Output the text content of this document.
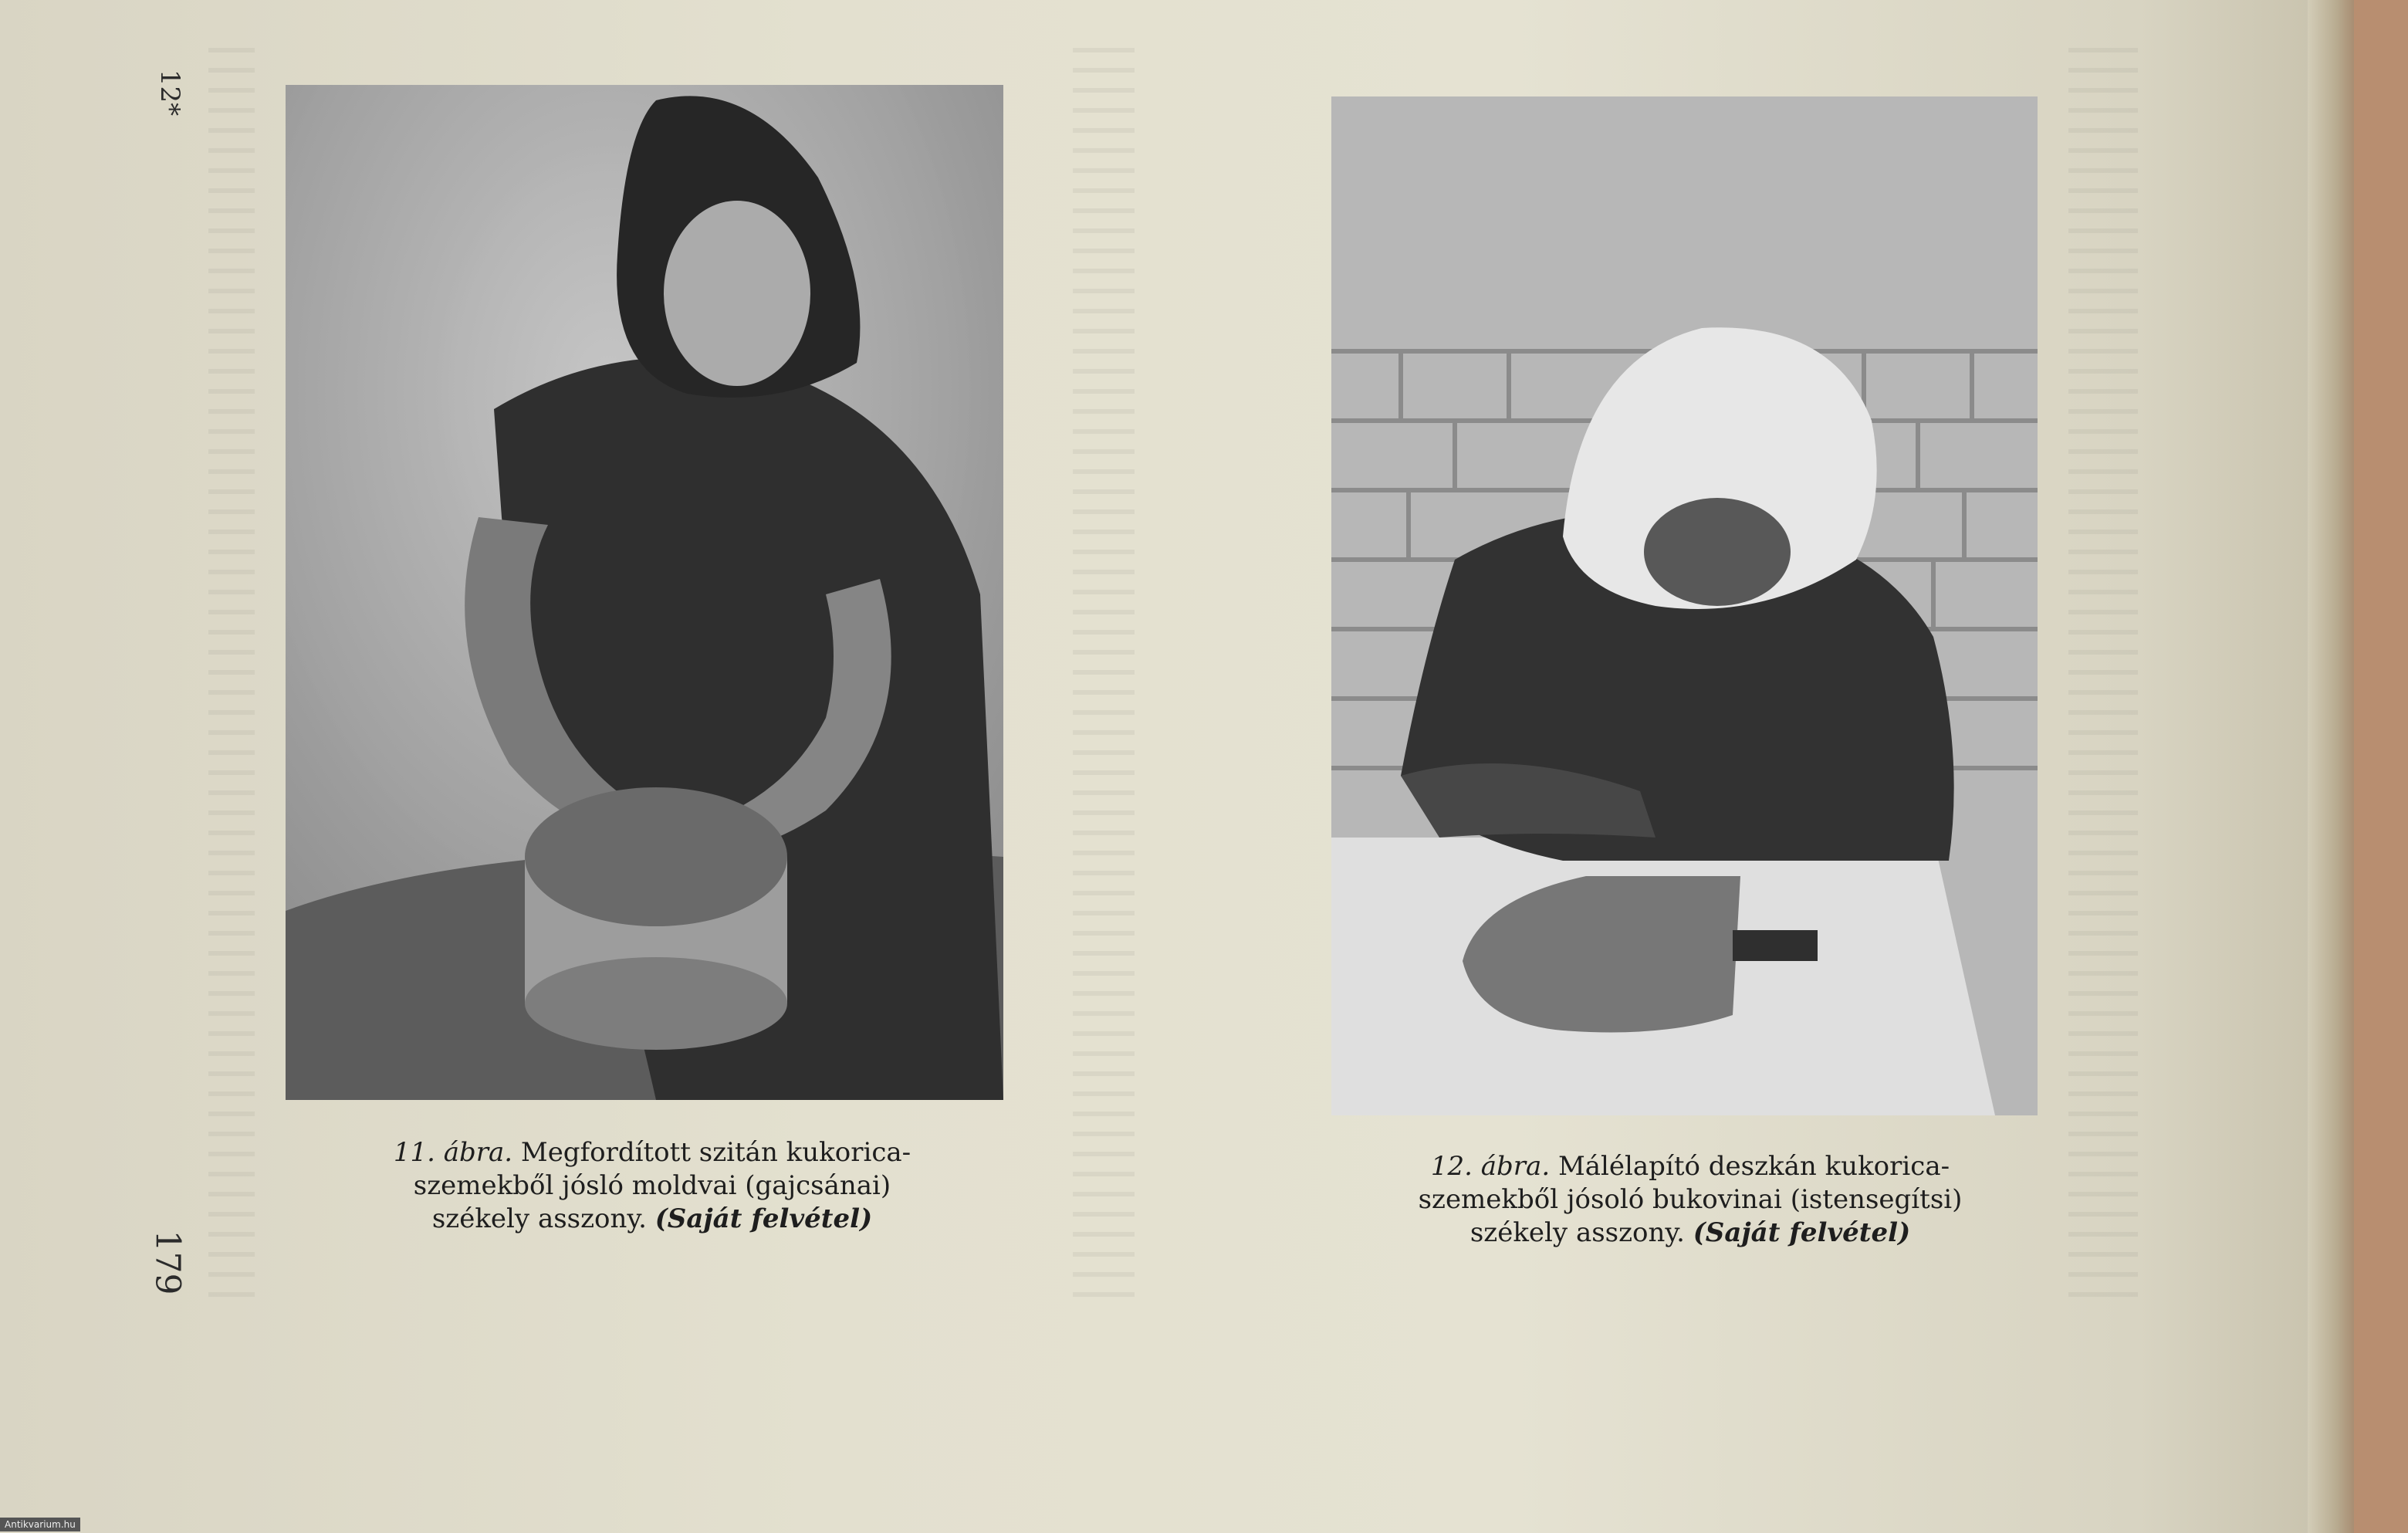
12*
179
11. ábra. Megfordított szitán kukorica-
szemekből jósló moldvai (gajcsánai)
székely asszony. (Saját felvétel)
12. ábra. Málélapító deszkán kukorica-
szemekből jósoló bukovinai (istensegítsi)
székely asszony. (Saját felvétel)
Antikvarium.hu
